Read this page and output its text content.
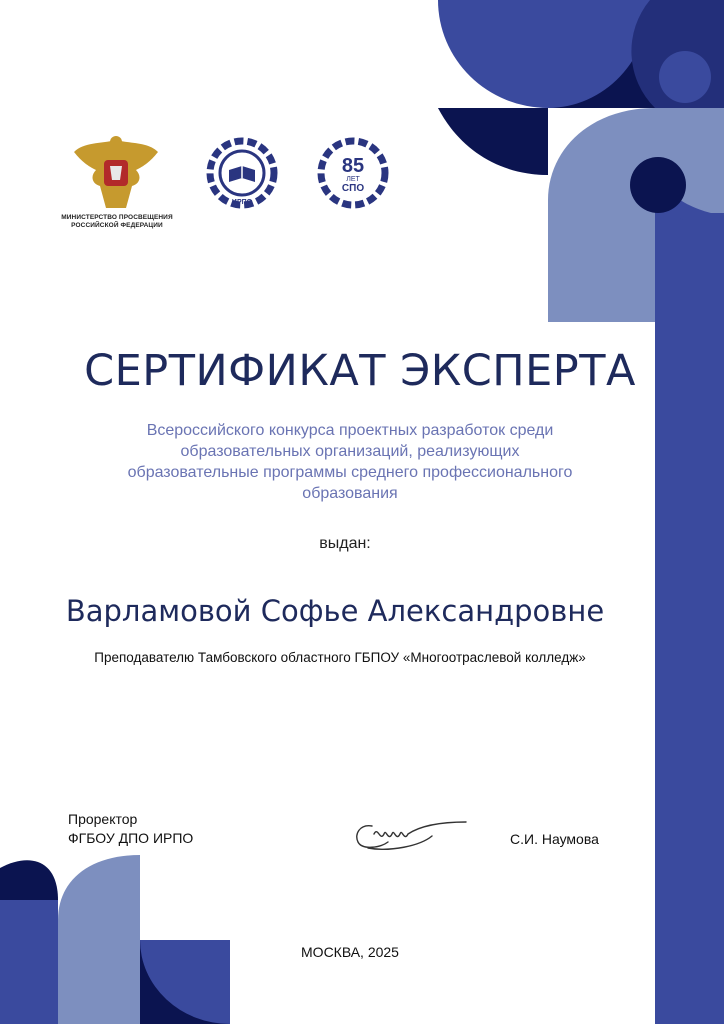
МИНИСТЕРСТВО ПРОСВЕЩЕНИЯ
РОССИЙСКОЙ ФЕДЕРАЦИИ
ИРПО
85
ЛЕТ
СПО
СЕРТИФИКАТ ЭКСПЕРТА
Всероссийского конкурса проектных разработок среди
образовательных организаций, реализующих
образовательные программы среднего профессионального
образования
выдан:
Варламовой Софье Александровне
Преподавателю Тамбовского областного ГБПОУ «Многоотраслевой колледж»
Проректор
ФГБОУ ДПО ИРПО	С.И. Наумова
МОСКВА, 2025
